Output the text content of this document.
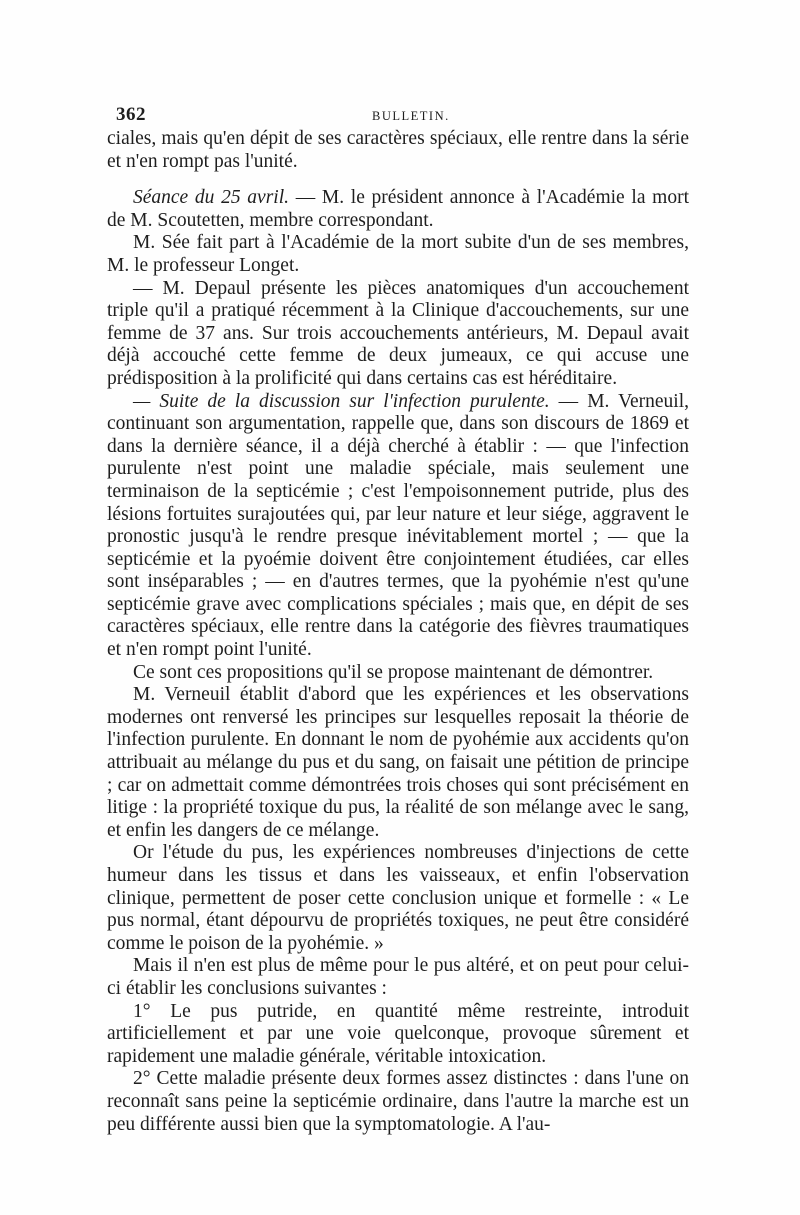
362	BULLETIN.

ciales, mais qu'en dépit de ses caractères spéciaux, elle rentre dans la série et n'en rompt pas l'unité.

Séance du 25 avril. — M. le président annonce à l'Académie la mort de M. Scoutetten, membre correspondant.

M. Sée fait part à l'Académie de la mort subite d'un de ses membres, M. le professeur Longet.

— M. Depaul présente les pièces anatomiques d'un accouchement triple qu'il a pratiqué récemment à la Clinique d'accouchements, sur une femme de 37 ans. Sur trois accouchements antérieurs, M. Depaul avait déjà accouché cette femme de deux jumeaux, ce qui accuse une prédisposition à la prolificité qui dans certains cas est héréditaire.

— Suite de la discussion sur l'infection purulente. — M. Verneuil, continuant son argumentation, rappelle que, dans son discours de 1869 et dans la dernière séance, il a déjà cherché à établir : — que l'infection purulente n'est point une maladie spéciale, mais seulement une terminaison de la septicémie ; c'est l'empoisonnement putride, plus des lésions fortuites surajoutées qui, par leur nature et leur siége, aggravent le pronostic jusqu'à le rendre presque inévitablement mortel ; — que la septicémie et la pyoémie doivent être conjointement étudiées, car elles sont inséparables ; — en d'autres termes, que la pyohémie n'est qu'une septicémie grave avec complications spéciales ; mais que, en dépit de ses caractères spéciaux, elle rentre dans la catégorie des fièvres traumatiques et n'en rompt point l'unité.

Ce sont ces propositions qu'il se propose maintenant de démontrer.

M. Verneuil établit d'abord que les expériences et les observations modernes ont renversé les principes sur lesquelles reposait la théorie de l'infection purulente. En donnant le nom de pyohémie aux accidents qu'on attribuait au mélange du pus et du sang, on faisait une pétition de principe ; car on admettait comme démontrées trois choses qui sont précisément en litige : la propriété toxique du pus, la réalité de son mélange avec le sang, et enfin les dangers de ce mélange.

Or l'étude du pus, les expériences nombreuses d'injections de cette humeur dans les tissus et dans les vaisseaux, et enfin l'observation clinique, permettent de poser cette conclusion unique et formelle : « Le pus normal, étant dépourvu de propriétés toxiques, ne peut être considéré comme le poison de la pyohémie. »

Mais il n'en est plus de même pour le pus altéré, et on peut pour celui-ci établir les conclusions suivantes :

1° Le pus putride, en quantité même restreinte, introduit artificiellement et par une voie quelconque, provoque sûrement et rapidement une maladie générale, véritable intoxication.

2° Cette maladie présente deux formes assez distinctes : dans l'une on reconnaît sans peine la septicémie ordinaire, dans l'autre la marche est un peu différente aussi bien que la symptomatologie. A l'au-
